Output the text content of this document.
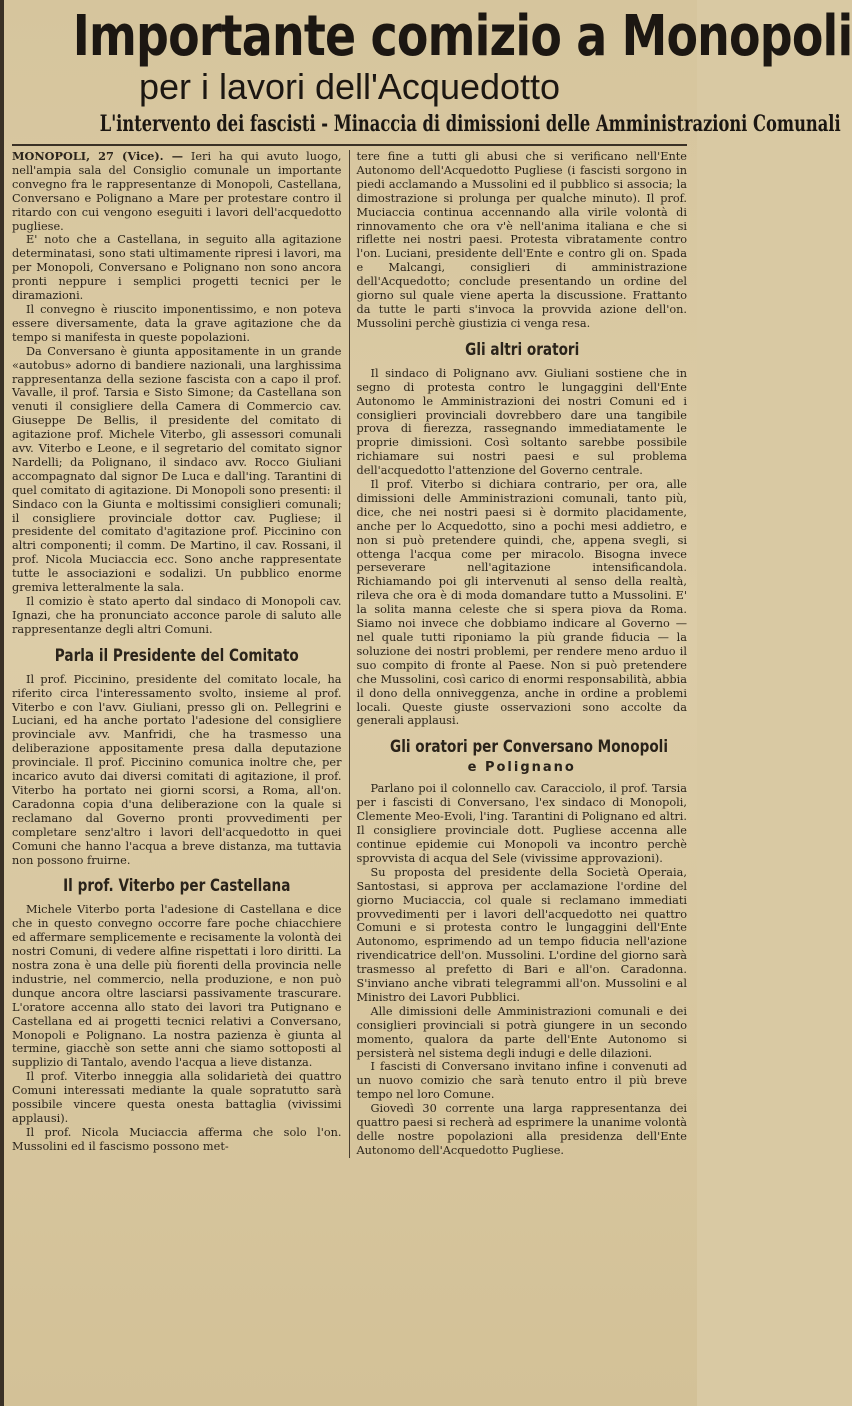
Importante comizio a Monopoli
per i lavori dell'Acquedotto
L'intervento dei fascisti - Minaccia di dimissioni delle Amministrazioni Comunali

MONOPOLI, 27 (Vice). — Ieri ha qui avuto luogo, nell'ampia sala del Consiglio comunale un importante convegno fra le rappresentanze di Monopoli, Castellana, Conversano e Polignano a Mare per protestare contro il ritardo con cui vengono eseguiti i lavori dell'acquedotto pugliese.

E' noto che a Castellana, in seguito alla agitazione determinatasi, sono stati ultimamente ripresi i lavori, ma per Monopoli, Conversano e Polignano non sono ancora pronti neppure i semplici progetti tecnici per le diramazioni.

Il convegno è riuscito imponentissimo, e non poteva essere diversamente, data la grave agitazione che da tempo si manifesta in queste popolazioni.

Da Conversano è giunta appositamente in un grande «autobus» adorno di bandiere nazionali, una larghissima rappresentanza della sezione fascista con a capo il prof. Vavalle, il prof. Tarsia e Sisto Simone; da Castellana son venuti il consigliere della Camera di Commercio cav. Giuseppe De Bellis, il presidente del comitato di agitazione prof. Michele Viterbo, gli assessori comunali avv. Viterbo e Leone, e il segretario del comitato signor Nardelli; da Polignano, il sindaco avv. Rocco Giuliani accompagnato dal signor De Luca e dall'ing. Tarantini di quel comitato di agitazione. Di Monopoli sono presenti: il Sindaco con la Giunta e moltissimi consiglieri comunali; il consigliere provinciale dottor cav. Pugliese; il presidente del comitato d'agitazione prof. Piccinino con altri componenti; il comm. De Martino, il cav. Rossani, il prof. Nicola Muciaccia ecc. Sono anche rappresentate tutte le associazioni e sodalizi. Un pubblico enorme gremiva letteralmente la sala.

Il comizio è stato aperto dal sindaco di Monopoli cav. Ignazi, che ha pronunciato acconce parole di saluto alle rappresentanze degli altri Comuni.

Parla il Presidente del Comitato

Il prof. Piccinino, presidente del comitato locale, ha riferito circa l'interessamento svolto, insieme al prof. Viterbo e con l'avv. Giuliani, presso gli on. Pellegrini e Luciani, ed ha anche portato l'adesione del consigliere provinciale avv. Manfridi, che ha trasmesso una deliberazione appositamente presa dalla deputazione provinciale. Il prof. Piccinino comunica inoltre che, per incarico avuto dai diversi comitati di agitazione, il prof. Viterbo ha portato nei giorni scorsi, a Roma, all'on. Caradonna copia d'una deliberazione con la quale si reclamano dal Governo pronti provvedimenti per completare senz'altro i lavori dell'acquedotto in quei Comuni che hanno l'acqua a breve distanza, ma tuttavia non possono fruirne.

Il prof. Viterbo per Castellana

Michele Viterbo porta l'adesione di Castellana e dice che in questo convegno occorre fare poche chiacchiere ed affermare semplicemente e recisamente la volontà dei nostri Comuni, di vedere alfine rispettati i loro diritti. La nostra zona è una delle più fiorenti della provincia nelle industrie, nel commercio, nella produzione, e non può dunque ancora oltre lasciarsi passivamente trascurare. L'oratore accenna allo stato dei lavori tra Putignano e Castellana ed ai progetti tecnici relativi a Conversano, Monopoli e Polignano. La nostra pazienza è giunta al termine, giacchè son sette anni che siamo sottoposti al supplizio di Tantalo, avendo l'acqua a lieve distanza.

Il prof. Viterbo inneggia alla solidarietà dei quattro Comuni interessati mediante la quale sopratutto sarà possibile vincere questa onesta battaglia (vivissimi applausi).

Il prof. Nicola Muciaccia afferma che solo l'on. Mussolini ed il fascismo possono met-

tere fine a tutti gli abusi che si verificano nell'Ente Autonomo dell'Acquedotto Pugliese (i fascisti sorgono in piedi acclamando a Mussolini ed il pubblico si associa; la dimostrazione si prolunga per qualche minuto). Il prof. Muciaccia continua accennando alla virile volontà di rinnovamento che ora v'è nell'anima italiana e che si riflette nei nostri paesi. Protesta vibratamente contro l'on. Luciani, presidente dell'Ente e contro gli on. Spada e Malcangi, consiglieri di amministrazione dell'Acquedotto; conclude presentando un ordine del giorno sul quale viene aperta la discussione. Frattanto da tutte le parti s'invoca la provvida azione dell'on. Mussolini perchè giustizia ci venga resa.

Gli altri oratori

Il sindaco di Polignano avv. Giuliani sostiene che in segno di protesta contro le lungaggini dell'Ente Autonomo le Amministrazioni dei nostri Comuni ed i consiglieri provinciali dovrebbero dare una tangibile prova di fierezza, rassegnando immediatamente le proprie dimissioni. Così soltanto sarebbe possibile richiamare sui nostri paesi e sul problema dell'acquedotto l'attenzione del Governo centrale.

Il prof. Viterbo si dichiara contrario, per ora, alle dimissioni delle Amministrazioni comunali, tanto più, dice, che nei nostri paesi si è dormito placidamente, anche per lo Acquedotto, sino a pochi mesi addietro, e non si può pretendere quindi, che, appena svegli, si ottenga l'acqua come per miracolo. Bisogna invece perseverare nell'agitazione intensificandola. Richiamando poi gli intervenuti al senso della realtà, rileva che ora è di moda domandare tutto a Mussolini. E' la solita manna celeste che si spera piova da Roma. Siamo noi invece che dobbiamo indicare al Governo — nel quale tutti riponiamo la più grande fiducia — la soluzione dei nostri problemi, per rendere meno arduo il suo compito di fronte al Paese. Non si può pretendere che Mussolini, così carico di enormi responsabilità, abbia il dono della onniveggenza, anche in ordine a problemi locali. Queste giuste osservazioni sono accolte da generali applausi.

Gli oratori per Conversano Monopoli
e Polignano

Parlano poi il colonnello cav. Caracciolo, il prof. Tarsia per i fascisti di Conversano, l'ex sindaco di Monopoli, Clemente Meo-Evoli, l'ing. Tarantini di Polignano ed altri. Il consigliere provinciale dott. Pugliese accenna alle continue epidemie cui Monopoli va incontro perchè sprovvista di acqua del Sele (vivissime approvazioni).

Su proposta del presidente della Società Operaia, Santostasi, si approva per acclamazione l'ordine del giorno Muciaccia, col quale si reclamano immediati provvedimenti per i lavori dell'acquedotto nei quattro Comuni e si protesta contro le lungaggini dell'Ente Autonomo, esprimendo ad un tempo fiducia nell'azione rivendicatrice dell'on. Mussolini. L'ordine del giorno sarà trasmesso al prefetto di Bari e all'on. Caradonna. S'inviano anche vibrati telegrammi all'on. Mussolini e al Ministro dei Lavori Pubblici.

Alle dimissioni delle Amministrazioni comunali e dei consiglieri provinciali si potrà giungere in un secondo momento, qualora da parte dell'Ente Autonomo si persisterà nel sistema degli indugi e delle dilazioni.

I fascisti di Conversano invitano infine i convenuti ad un nuovo comizio che sarà tenuto entro il più breve tempo nel loro Comune.

Giovedì 30 corrente una larga rappresentanza dei quattro paesi si recherà ad esprimere la unanime volontà delle nostre popolazioni alla presidenza dell'Ente Autonomo dell'Acquedotto Pugliese.
